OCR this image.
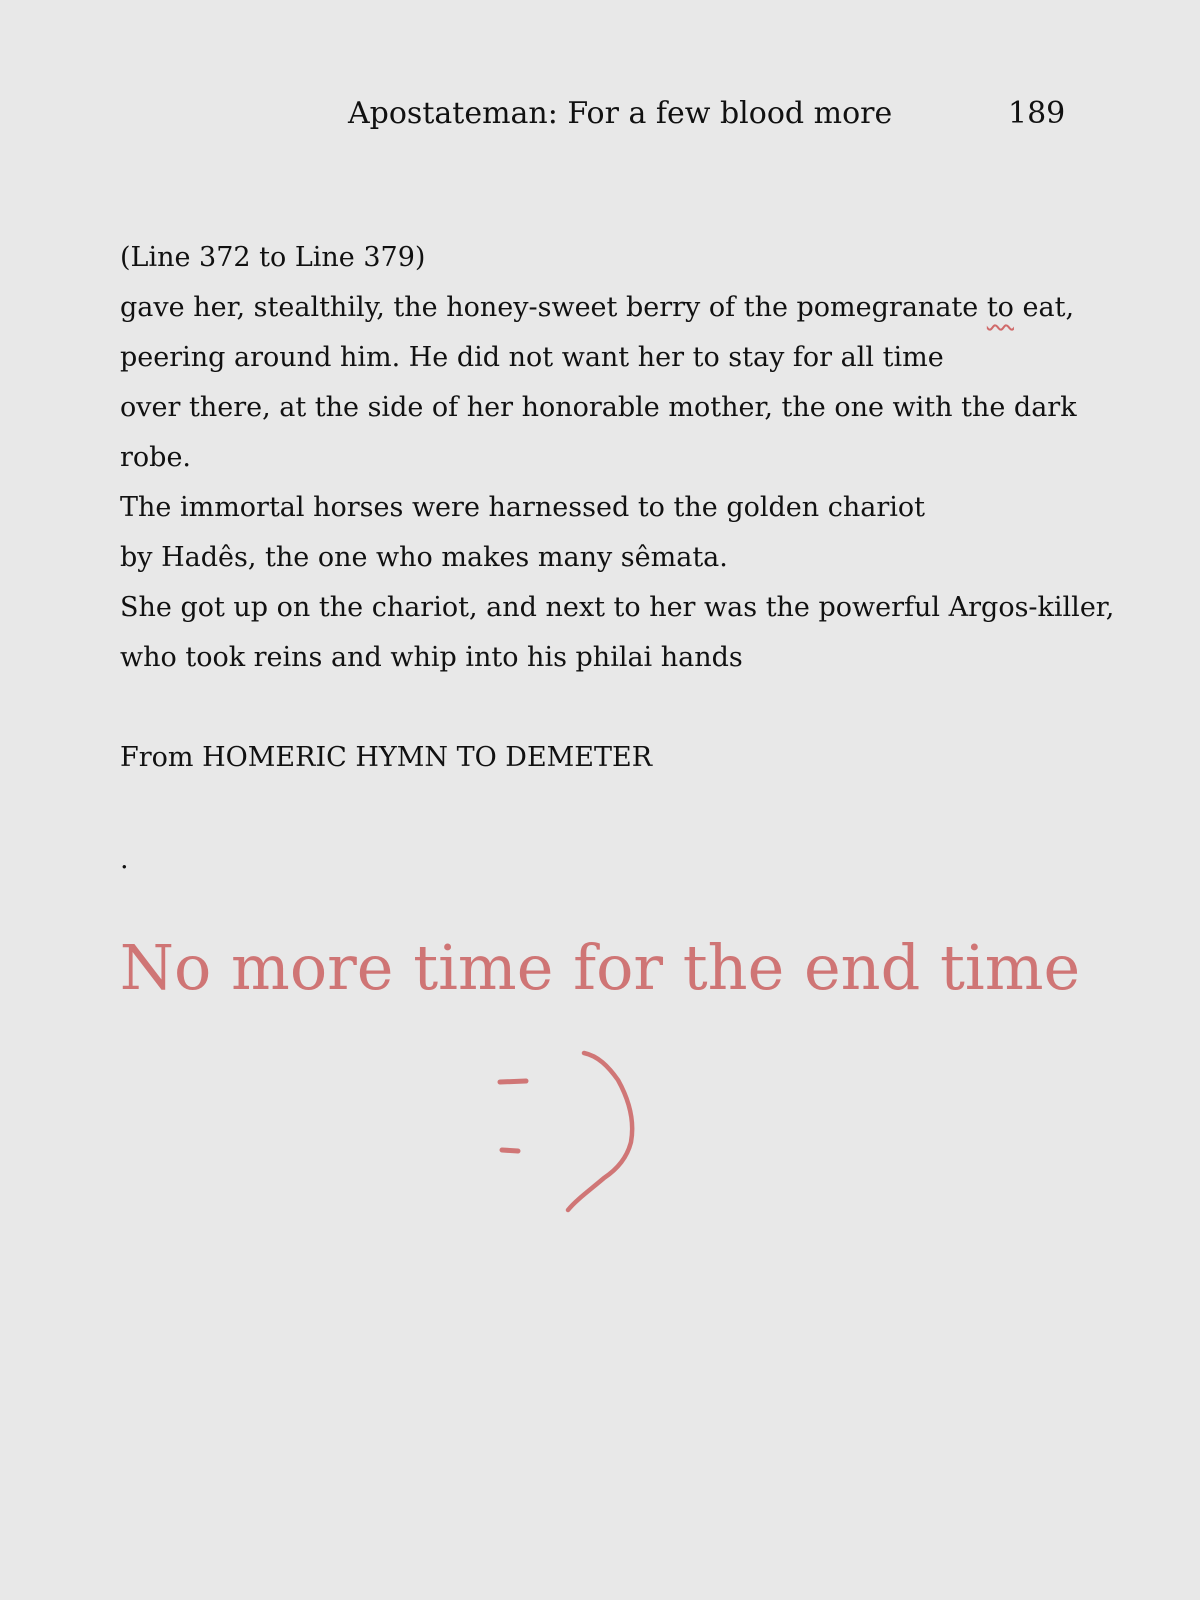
Apostateman: For a few blood more	189
(Line 372 to Line 379)
gave her, stealthily, the honey-sweet berry of the pomegranate to eat,
peering around him. He did not want her to stay for all time
over there, at the side of her honorable mother, the one with the dark
robe.
The immortal horses were harnessed to the golden chariot
by Hadês, the one who makes many sêmata.
She got up on the chariot, and next to her was the powerful Argos-killer,
who took reins and whip into his philai hands
From HOMERIC HYMN TO DEMETER
.
No more time for the end time
